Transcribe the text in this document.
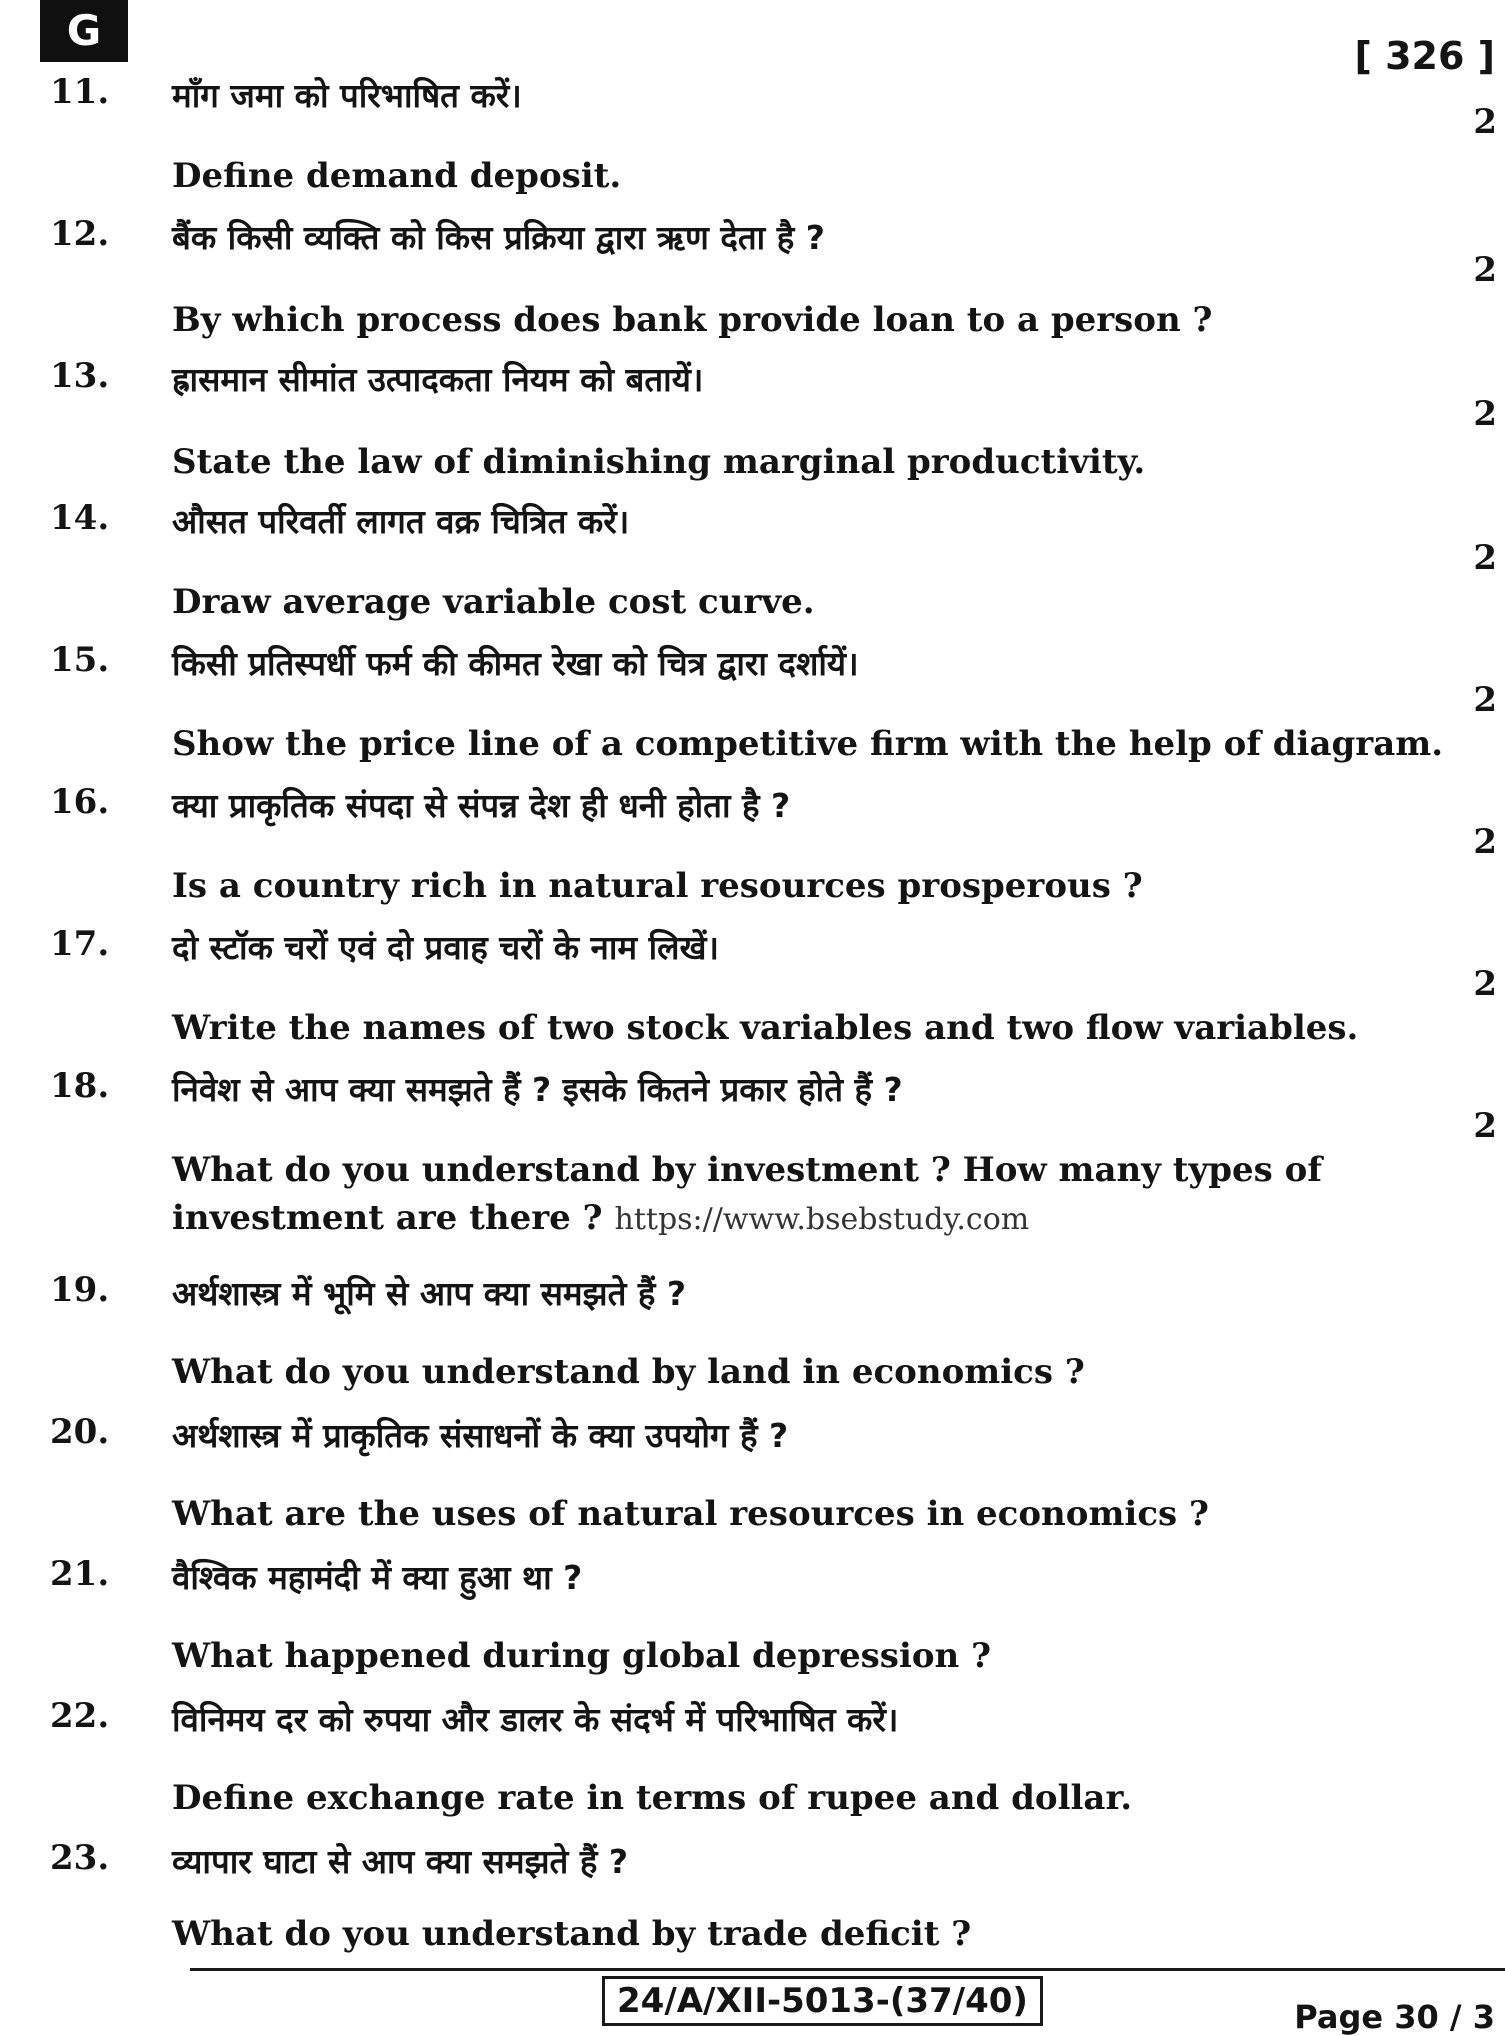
G
[ 326 ]
11. माँग जमा को परिभाषित करें।
2
Define demand deposit.
12. बैंक किसी व्यक्ति को किस प्रक्रिया द्वारा ऋण देता है ?
2
By which process does bank provide loan to a person ?
13. ह्रासमान सीमांत उत्पादकता नियम को बतायें।
2
State the law of diminishing marginal productivity.
14. औसत परिवर्ती लागत वक्र चित्रित करें।
2
Draw average variable cost curve.
15. किसी प्रतिस्पर्धी फर्म की कीमत रेखा को चित्र द्वारा दर्शायें।
2
Show the price line of a competitive firm with the help of diagram.
16. क्या प्राकृतिक संपदा से संपन्न देश ही धनी होता है ?
2
Is a country rich in natural resources prosperous ?
17. दो स्टॉक चरों एवं दो प्रवाह चरों के नाम लिखें।
2
Write the names of two stock variables and two flow variables.
18. निवेश से आप क्या समझते हैं ? इसके कितने प्रकार होते हैं ?
2
What do you understand by investment ? How many types of investment are there ? https://www.bsebstudy.com
19. अर्थशास्त्र में भूमि से आप क्या समझते हैं ?
What do you understand by land in economics ?
20. अर्थशास्त्र में प्राकृतिक संसाधनों के क्या उपयोग हैं ?
What are the uses of natural resources in economics ?
21. वैश्विक महामंदी में क्या हुआ था ?
What happened during global depression ?
22. विनिमय दर को रुपया और डालर के संदर्भ में परिभाषित करें।
Define exchange rate in terms of rupee and dollar.
23. व्यापार घाटा से आप क्या समझते हैं ?
What do you understand by trade deficit ?
24/A/XII-5013-(37/40)	Page 30 / 3
